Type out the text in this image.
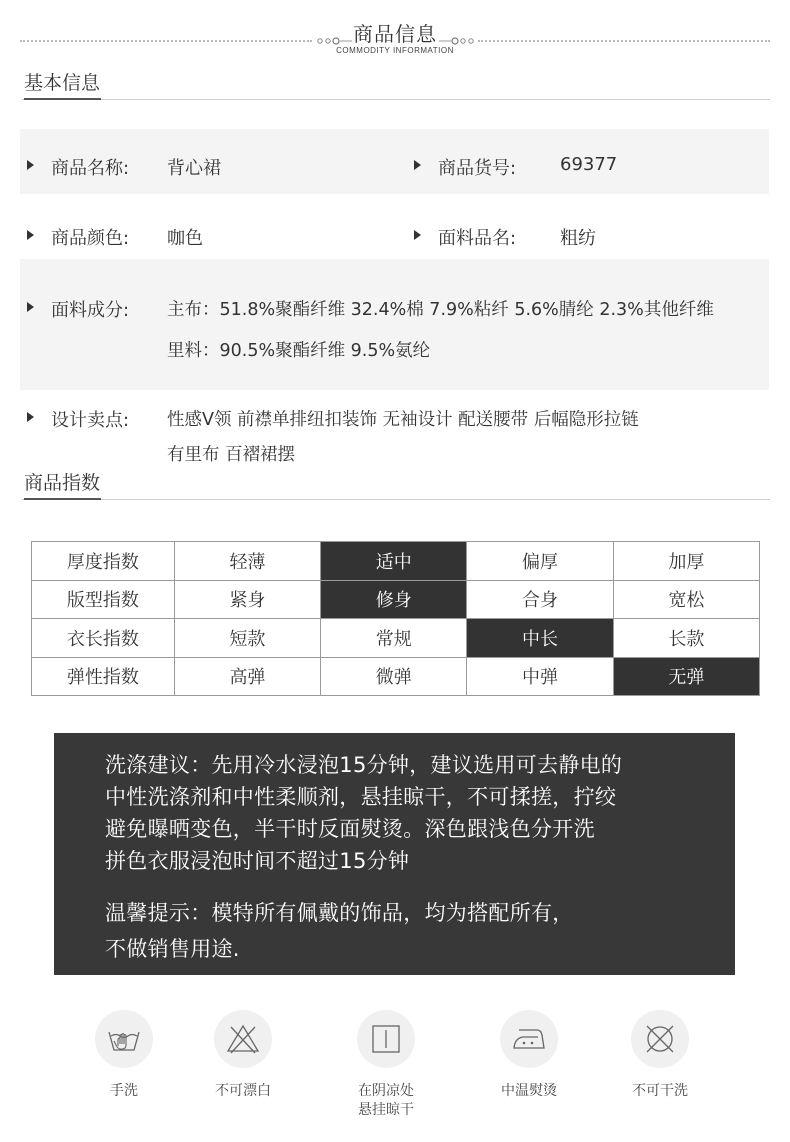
商品信息
COMMODITY INFORMATION
基本信息
商品名称: 背心裙	商品货号: 69377
商品颜色: 咖色	面料品名: 粗纺
面料成分: 主布：51.8%聚酯纤维 32.4%棉 7.9%粘纤 5.6%腈纶 2.3%其他纤维
里料：90.5%聚酯纤维 9.5%氨纶
设计卖点: 性感V领 前襟单排纽扣装饰 无袖设计 配送腰带 后幅隐形拉链
有里布 百褶裙摆
商品指数
厚度指数	轻薄	适中	偏厚	加厚
版型指数	紧身	修身	合身	宽松
衣长指数	短款	常规	中长	长款
弹性指数	高弹	微弹	中弹	无弹

洗涤建议：先用冷水浸泡15分钟，建议选用可去静电的

中性洗涤剂和中性柔顺剂，悬挂晾干，不可揉搓，拧绞

避免曝晒变色，半干时反面熨烫。深色跟浅色分开洗

拼色衣服浸泡时间不超过15分钟

温馨提示：模特所有佩戴的饰品，均为搭配所有，

不做销售用途.

手洗	不可漂白	在阴凉处
悬挂晾干
中温熨烫	不可干洗
